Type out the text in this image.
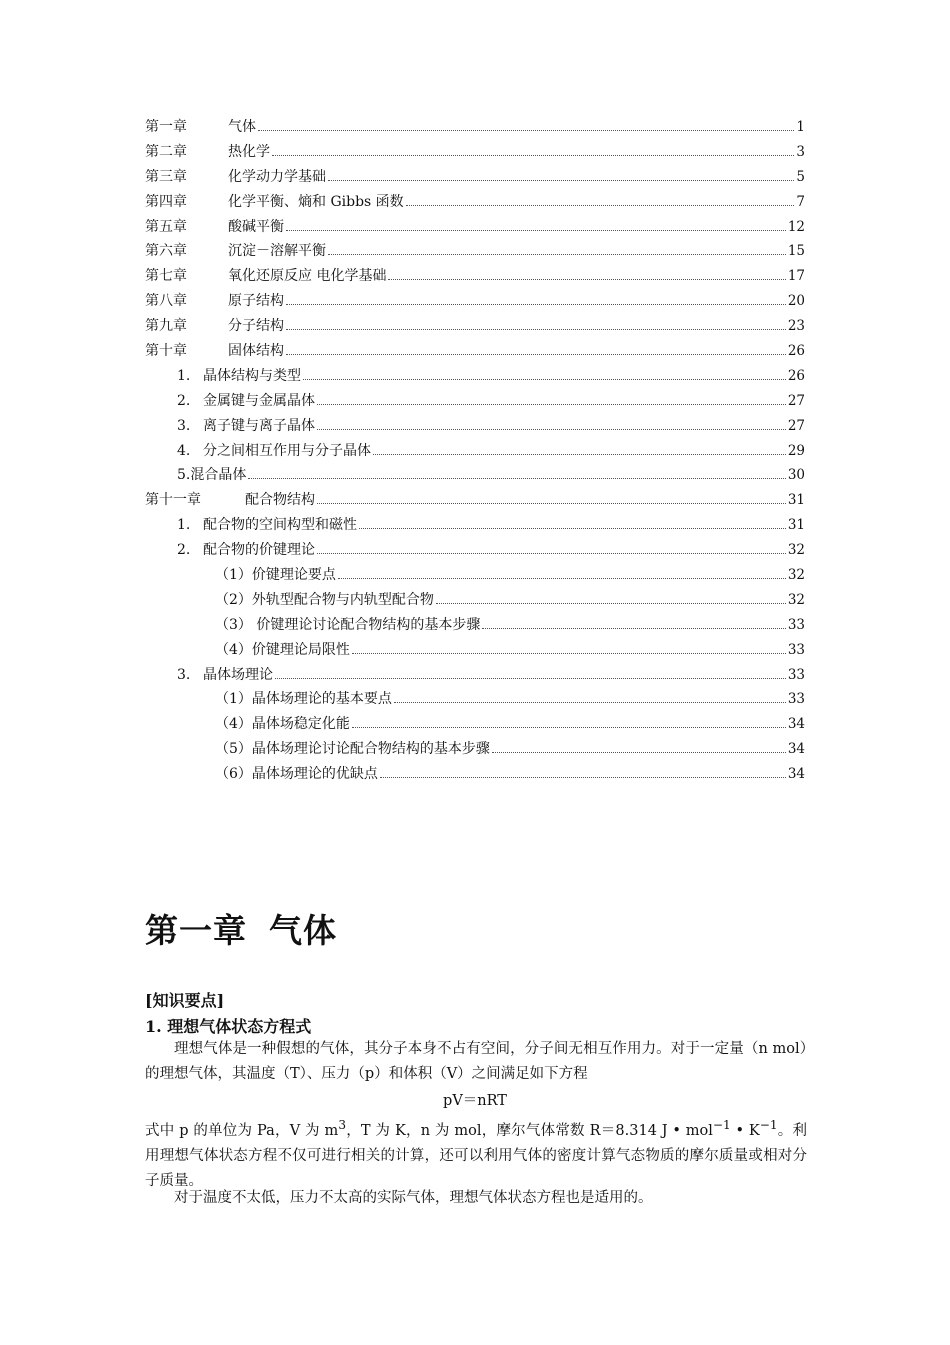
第一章	气体	1
第二章	热化学	3
第三章	化学动力学基础	5
第四章	化学平衡、熵和 Gibbs 函数	7
第五章	酸碱平衡	12
第六章	沉淀－溶解平衡	15
第七章	氧化还原反应 电化学基础	17
第八章	原子结构	20
第九章	分子结构	23
第十章	固体结构	26
1. 晶体结构与类型	26
2. 金属键与金属晶体	27
3. 离子键与离子晶体	27
4. 分之间相互作用与分子晶体	29
5. 混合晶体	30
第十一章	配合物结构	31
1. 配合物的空间构型和磁性	31
2. 配合物的价键理论	32
（1）价键理论要点	32
（2）外轨型配合物与内轨型配合物	32
（3） 价键理论讨论配合物结构的基本步骤	33
（4）价键理论局限性	33
3. 晶体场理论	33
（1）晶体场理论的基本要点	33
（4）晶体场稳定化能	34
（5）晶体场理论讨论配合物结构的基本步骤	34
（6）晶体场理论的优缺点	34
第一章 气体
[知识要点]
1. 理想气体状态方程式

理想气体是一种假想的气体，其分子本身不占有空间，分子间无相互作用力。对于一定量（n mol）的理想气体，其温度（T）、压力（p）和体积（V）之间满足如下方程

pV＝nRT

式中 p 的单位为 Pa，V 为 $m^3$，T 为 K，n 为 mol，摩尔气体常数 R＝8.314 J • mol$^{-1}$ • $K^{-1}$。利用理想气体状态方程不仅可进行相关的计算，还可以利用气体的密度计算气态物质的摩尔质量或相对分子质量。

对于温度不太低，压力不太高的实际气体，理想气体状态方程也是适用的。
